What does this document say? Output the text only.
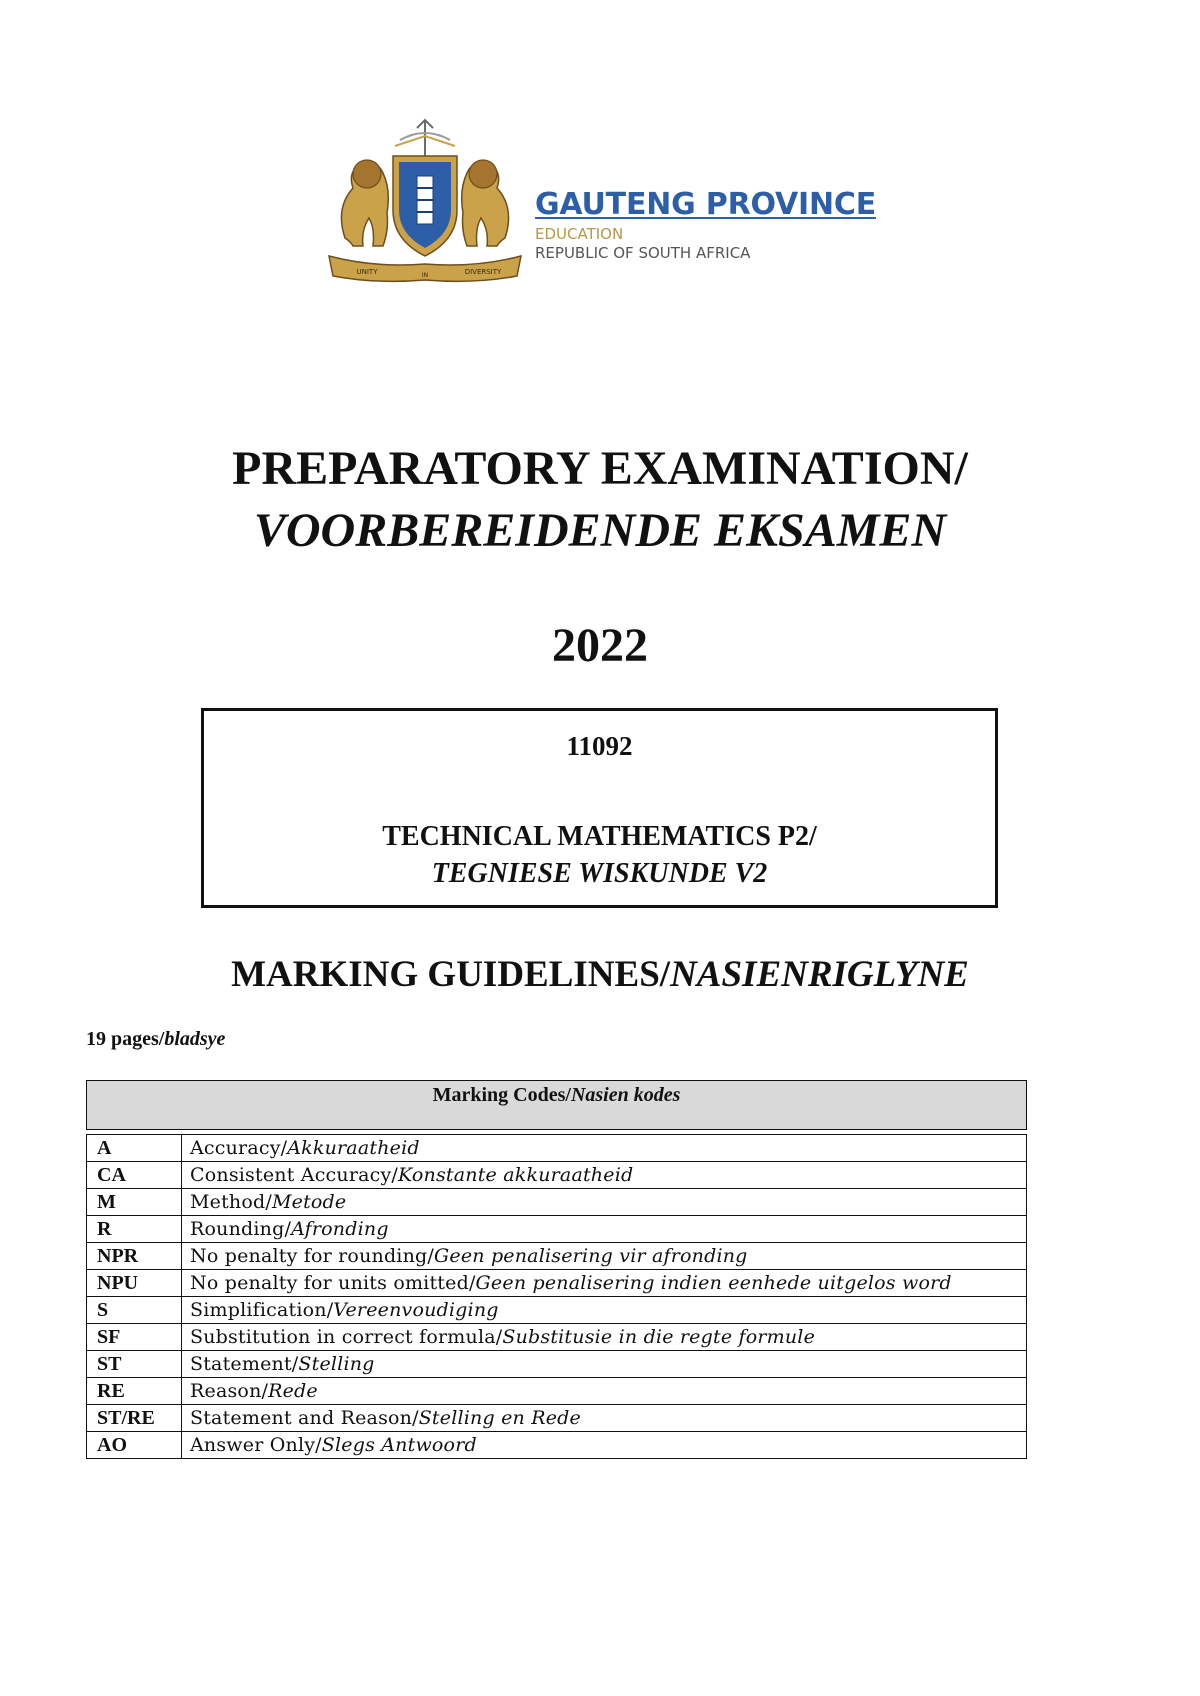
UNITY	IN	DIVERSITY
GAUTENG PROVINCE
EDUCATION
REPUBLIC OF SOUTH AFRICA
PREPARATORY EXAMINATION/
VOORBEREIDENDE EKSAMEN
2022
11092
TECHNICAL MATHEMATICS P2/
TEGNIESE WISKUNDE V2
MARKING GUIDELINES/NASIENRIGLYNE
19 pages/bladsye
Marking Codes/Nasien kodes	

A	Accuracy/Akkuraatheid
CA	Consistent Accuracy/Konstante akkuraatheid
M	Method/Metode
R	Rounding/Afronding
NPR	No penalty for rounding/Geen penalisering vir afronding
NPU	No penalty for units omitted/Geen penalisering indien eenhede uitgelos word
S	Simplification/Vereenvoudiging
SF	Substitution in correct formula/Substitusie in die regte formule
ST	Statement/Stelling
RE	Reason/Rede
ST/RE	Statement and Reason/Stelling en Rede
AO	Answer Only/Slegs Antwoord
